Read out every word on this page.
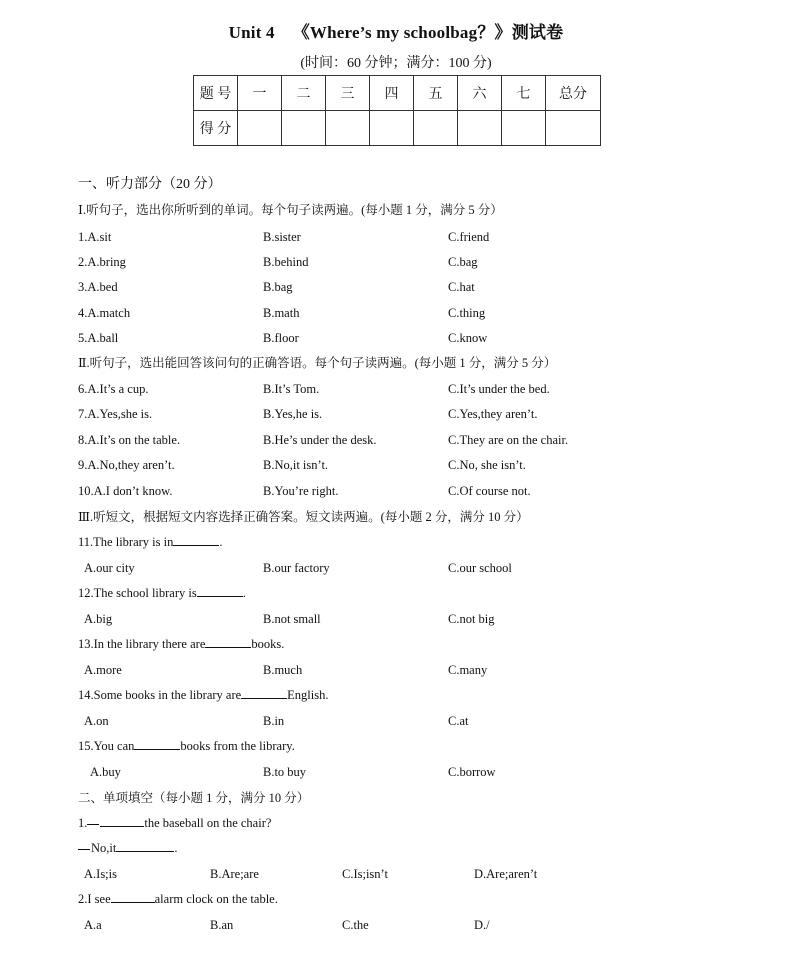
Unit 4 《Where’s my schoolbag？》测试卷
(时间：60 分钟；满分：100 分)
题 号	一	二	三	四	五	六	七	总分
得 分								
一、听力部分（20 分）
Ⅰ.听句子，选出你所听到的单词。每个句子读两遍。(每小题 1 分，满分 5 分）
1.A.sit	B.sister	C.friend
2.A.bring	B.behind	C.bag
3.A.bed	B.bag	C.hat
4.A.match	B.math	C.thing
5.A.ball	B.floor	C.know
Ⅱ.听句子，选出能回答该问句的正确答语。每个句子读两遍。(每小题 1 分，满分 5 分）
6.A.It’s a cup.	B.It’s Tom.	C.It’s under the bed.
7.A.Yes,she is.	B.Yes,he is.	C.Yes,they aren’t.
8.A.It’s on the table.	B.He’s under the desk.	C.They are on the chair.
9.A.No,they aren’t.	B.No,it isn’t.	C.No, she isn’t.
10.A.I don’t know.	B.You’re right.	C.Of course not.
Ⅲ.听短文，根据短文内容选择正确答案。短文读两遍。(每小题 2 分，满分 10 分）
11.The library is in	.
A.our city	B.our factory	C.our school
12.The school library is	.
A.big	B.not small	C.not big
13.In the library there are	books.
A.more	B.much	C.many
14.Some books in the library are	English.
A.on	B.in	C.at
15.You can	books from the library.
A.buy	B.to buy	C.borrow
二、单项填空（每小题 1 分，满分 10 分）
1.	the baseball on the chair?
No,it	.
A.Is;is	B.Are;are	C.Is;isn’t	D.Are;aren’t
2.I see	alarm clock on the table.
A.a	B.an	C.the	D./
